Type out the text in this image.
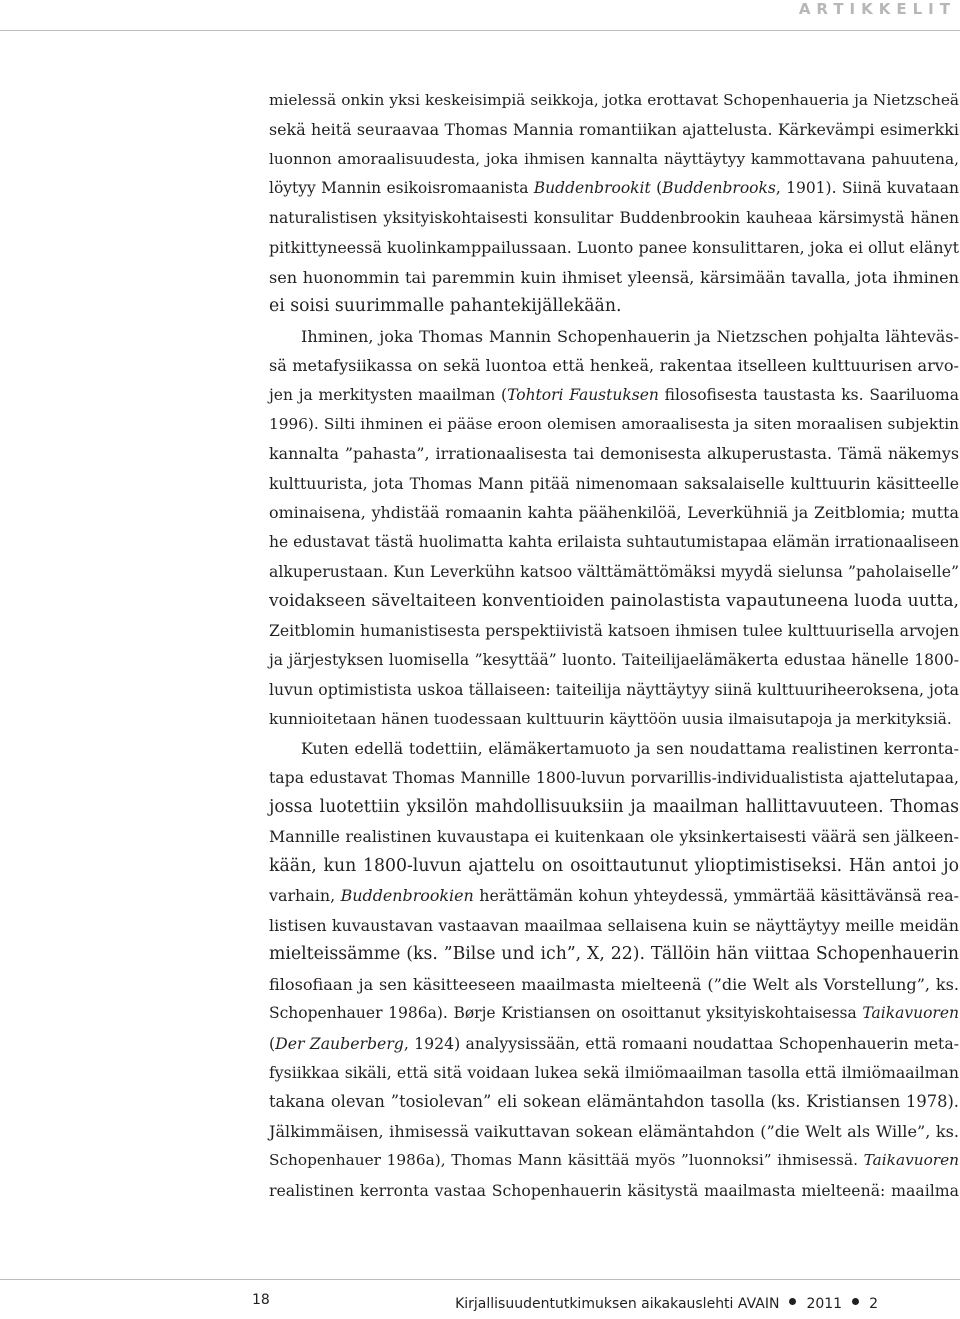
ARTIKKELIT
mielessä onkin yksi keskeisimpiä seikkoja, jotka erottavat Schopenhaueria ja Nietzscheä
sekä heitä seuraavaa Thomas Mannia romantiikan ajattelusta. Kärkevämpi esimerkki
luonnon amoraalisuudesta, joka ihmisen kannalta näyttäytyy kammottavana pahuutena,
löytyy Mannin esikoisromaanista Buddenbrookit (Buddenbrooks, 1901). Siinä kuvataan
naturalistisen yksityiskohtaisesti konsulitar Buddenbrookin kauheaa kärsimystä hänen
pitkittyneessä kuolinkamppailussaan. Luonto panee konsulittaren, joka ei ollut elänyt
sen huonommin tai paremmin kuin ihmiset yleensä, kärsimään tavalla, jota ihminen
ei soisi suurimmalle pahantekijällekään.
Ihminen, joka Thomas Mannin Schopenhauerin ja Nietzschen pohjalta lähteväs-
sä metafysiikassa on sekä luontoa että henkeä, rakentaa itselleen kulttuurisen arvo-
jen ja merkitysten maailman (Tohtori Faustuksen filosofisesta taustasta ks. Saariluoma
1996). Silti ihminen ei pääse eroon olemisen amoraalisesta ja siten moraalisen subjektin
kannalta ”pahasta”, irrationaalisesta tai demonisesta alkuperustasta. Tämä näkemys
kulttuurista, jota Thomas Mann pitää nimenomaan saksalaiselle kulttuurin käsitteelle
ominaisena, yhdistää romaanin kahta päähenkilöä, Leverkühniä ja Zeitblomia; mutta
he edustavat tästä huolimatta kahta erilaista suhtautumistapaa elämän irrationaaliseen
alkuperustaan. Kun Leverkühn katsoo välttämättömäksi myydä sielunsa ”paholaiselle”
voidakseen säveltaiteen konventioiden painolastista vapautuneena luoda uutta,
Zeitblomin humanistisesta perspektiivistä katsoen ihmisen tulee kulttuurisella arvojen
ja järjestyksen luomisella ”kesyttää” luonto. Taiteilijaelämäkerta edustaa hänelle 1800-
luvun optimistista uskoa tällaiseen: taiteilija näyttäytyy siinä kulttuuriheeroksena, jota
kunnioitetaan hänen tuodessaan kulttuurin käyttöön uusia ilmaisutapoja ja merkityksiä.
Kuten edellä todettiin, elämäkertamuoto ja sen noudattama realistinen kerronta-
tapa edustavat Thomas Mannille 1800-luvun porvarillis-individualistista ajattelutapaa,
jossa luotettiin yksilön mahdollisuuksiin ja maailman hallittavuuteen. Thomas
Mannille realistinen kuvaustapa ei kuitenkaan ole yksinkertaisesti väärä sen jälkeen-
kään, kun 1800-luvun ajattelu on osoittautunut ylioptimistiseksi. Hän antoi jo
varhain, Buddenbrookien herättämän kohun yhteydessä, ymmärtää käsittävänsä rea-
listisen kuvaustavan vastaavan maailmaa sellaisena kuin se näyttäytyy meille meidän
mielteissämme (ks. ”Bilse und ich”, X, 22). Tällöin hän viittaa Schopenhauerin
filosofiaan ja sen käsitteeseen maailmasta mielteenä (”die Welt als Vorstellung”, ks.
Schopenhauer 1986a). Børje Kristiansen on osoittanut yksityiskohtaisessa Taikavuoren
(Der Zauberberg, 1924) analyysissään, että romaani noudattaa Schopenhauerin meta-
fysiikkaa sikäli, että sitä voidaan lukea sekä ilmiömaailman tasolla että ilmiömaailman
takana olevan ”tosiolevan” eli sokean elämäntahdon tasolla (ks. Kristiansen 1978).
Jälkimmäisen, ihmisessä vaikuttavan sokean elämäntahdon (”die Welt als Wille”, ks.
Schopenhauer 1986a), Thomas Mann käsittää myös ”luonnoksi” ihmisessä. Taikavuoren
realistinen kerronta vastaa Schopenhauerin käsitystä maailmasta mielteenä: maailma
18	Kirjallisuudentutkimuksen aikakauslehti AVAIN 2011 2
